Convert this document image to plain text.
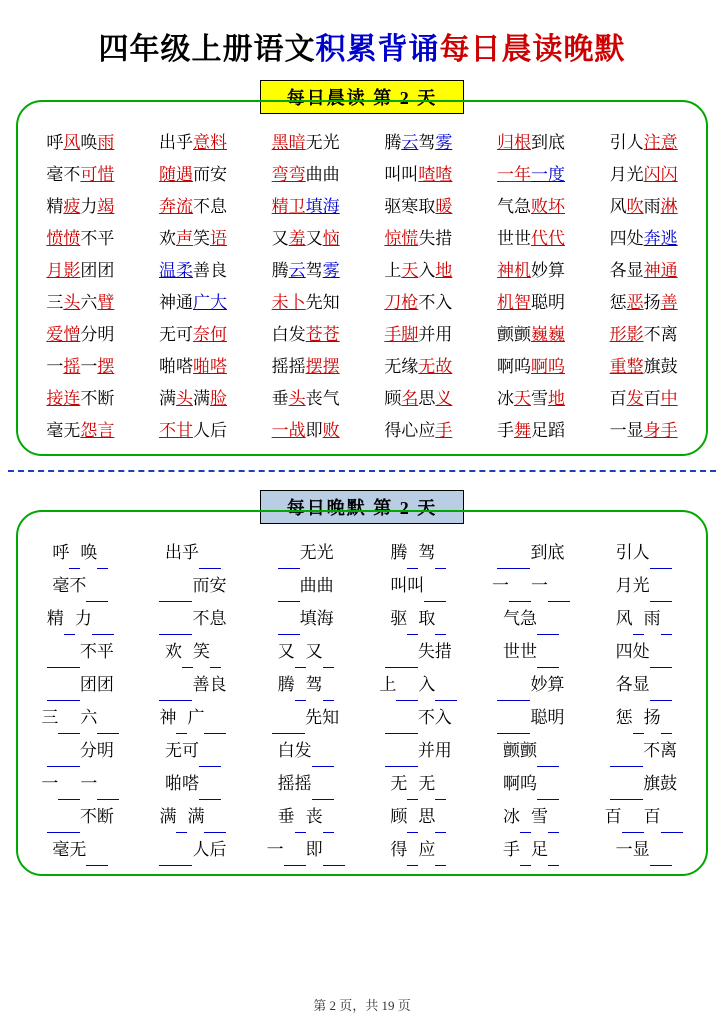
四年级上册语文积累背诵每日晨读晚默
每日晨读 第 2 天
呼风唤雨	出乎意料	黑暗无光	腾云驾雾	归根到底	引人注意
毫不可惜	随遇而安	弯弯曲曲	叫叫喳喳	一年一度	月光闪闪
精疲力竭	奔流不息	精卫填海	驱寒取暖	气急败坏	风吹雨淋
愤愤不平	欢声笑语	又羞又恼	惊慌失措	世世代代	四处奔逃
月影团团	温柔善良	腾云驾雾	上天入地	神机妙算	各显神通
三头六臂	神通广大	未卜先知	刀枪不入	机智聪明	惩恶扬善
爱憎分明	无可奈何	白发苍苍	手脚并用	颤颤巍巍	形影不离
一摇一摆	啪嗒啪嗒	摇摇摆摆	无缘无故	啊呜啊呜	重整旗鼓
接连不断	满头满脸	垂头丧气	顾名思义	冰天雪地	百发百中
毫无怨言	不甘人后	一战即败	得心应手	手舞足蹈	一显身手
每日晚默 第 2 天
呼 唤	出乎	无光	腾 驾	到底	引人
毫不	而安	曲曲	叫叫	一 一	月光
精 力	不息	填海	驱 取	气急	风 雨
不平	欢 笑	又 又	失措	世世	四处
团团	善良	腾 驾	上 入	妙算	各显
三 六	神 广	先知	不入	聪明	惩 扬
分明	无可	白发	并用	颤颤	不离
一 一	啪嗒	摇摇	无 无	啊呜	旗鼓
不断	满 满	垂 丧	顾 思	冰 雪	百 百
毫无	人后	一 即	得 应	手 足	一显
第 2 页，共 19 页
